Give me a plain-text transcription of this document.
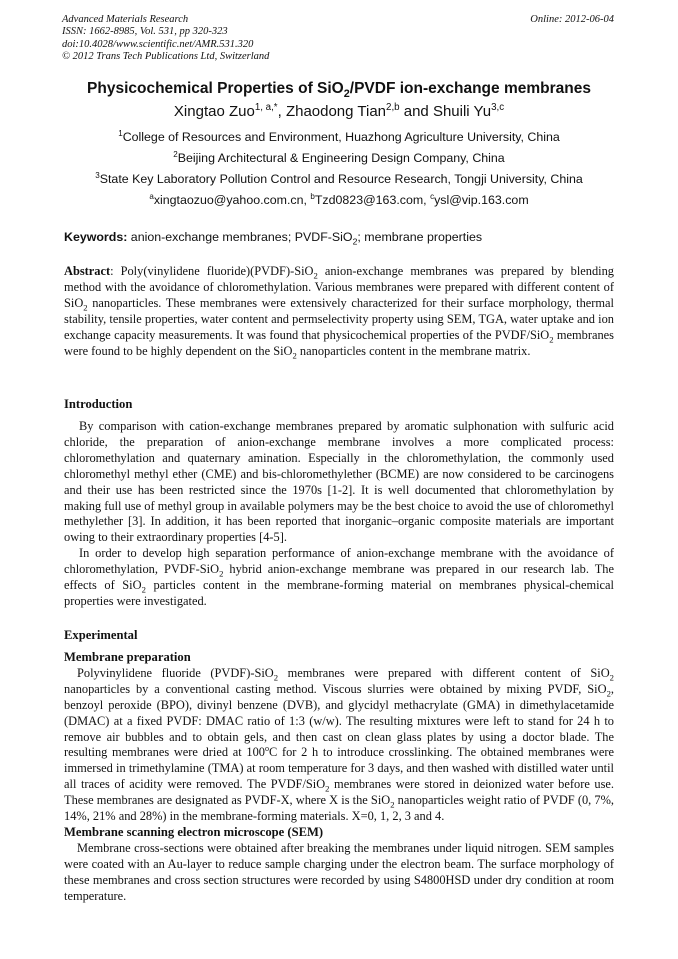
Advanced Materials Research
ISSN: 1662-8985, Vol. 531, pp 320-323
doi:10.4028/www.scientific.net/AMR.531.320
© 2012 Trans Tech Publications Ltd, Switzerland
Online: 2012-06-04
Physicochemical Properties of SiO$_2$/PVDF ion-exchange membranes
Xingtao Zuo$^{1, a,*}$, Zhaodong Tian$^{2,b}$ and Shuili Yu$^{3,c}$
$^1$College of Resources and Environment, Huazhong Agriculture University, China
$^2$Beijing Architectural & Engineering Design Company, China
$^3$State Key Laboratory Pollution Control and Resource Research, Tongji University, China
$^a$xingtaozuo@yahoo.com.cn, $^b$Tzd0823@163.com, $^c$ysl@vip.163.com
Keywords: anion-exchange membranes; PVDF-SiO$_2$; membrane properties

Abstract: Poly(vinylidene fluoride)(PVDF)-SiO$_2$ anion-exchange membranes was prepared by blending method with the avoidance of chloromethylation. Various membranes were prepared with different content of SiO$_2$ nanoparticles. These membranes were extensively characterized for their surface morphology, thermal stability, tensile properties, water content and permselectivity property using SEM, TGA, water uptake and ion exchange capacity measurements. It was found that physicochemical properties of the PVDF/SiO$_2$ membranes were found to be highly dependent on the SiO$_2$ nanoparticles content in the membrane matrix.

Introduction

By comparison with cation-exchange membranes prepared by aromatic sulphonation with sulfuric acid chloride, the preparation of anion-exchange membrane involves a more complicated process: chloromethylation and quaternary amination. Especially in the chloromethylation, the commonly used chloromethyl methyl ether (CME) and bis-chloromethylether (BCME) are now considered to be carcinogens and their use has been restricted since the 1970s [1-2]. It is well documented that chloromethylation by making full use of methyl group in available polymers may be the best choice to avoid the use of chloromethyl methylether [3]. In addition, it has been reported that inorganic–organic composite materials are important owing to their extraordinary properties [4-5].

In order to develop high separation performance of anion-exchange membrane with the avoidance of chloromethylation, PVDF-SiO$_2$ hybrid anion-exchange membrane was prepared in our research lab. The effects of SiO$_2$ particles content in the membrane-forming material on membranes physical-chemical properties were investigated.

Experimental

Membrane preparation

Polyvinylidene fluoride (PVDF)-SiO$_2$ membranes were prepared with different content of SiO$_2$ nanoparticles by a conventional casting method. Viscous slurries were obtained by mixing PVDF, SiO$_2$, benzoyl peroxide (BPO), divinyl benzene (DVB), and glycidyl methacrylate (GMA) in dimethylacetamide (DMAC) at a fixed PVDF: DMAC ratio of 1:3 (w/w). The resulting mixtures were left to stand for 24 h to remove air bubbles and to obtain gels, and then cast on clean glass plates by using a doctor blade. The resulting membranes were dried at 100$^o$C for 2 h to introduce crosslinking. The obtained membranes were immersed in trimethylamine (TMA) at room temperature for 3 days, and then washed with distilled water until all traces of acidity were removed. The PVDF/SiO$_2$ membranes were stored in deionized water before use. These membranes are designated as PVDF-X, where X is the SiO$_2$ nanoparticles weight ratio of PVDF (0, 7%, 14%, 21% and 28%) in the membrane-forming materials. X=0, 1, 2, 3 and 4.

Membrane scanning electron microscope (SEM)

Membrane cross-sections were obtained after breaking the membranes under liquid nitrogen. SEM samples were coated with an Au-layer to reduce sample charging under the electron beam. The surface morphology of these membranes and cross section structures were recorded by using S4800HSD under dry condition at room temperature.
